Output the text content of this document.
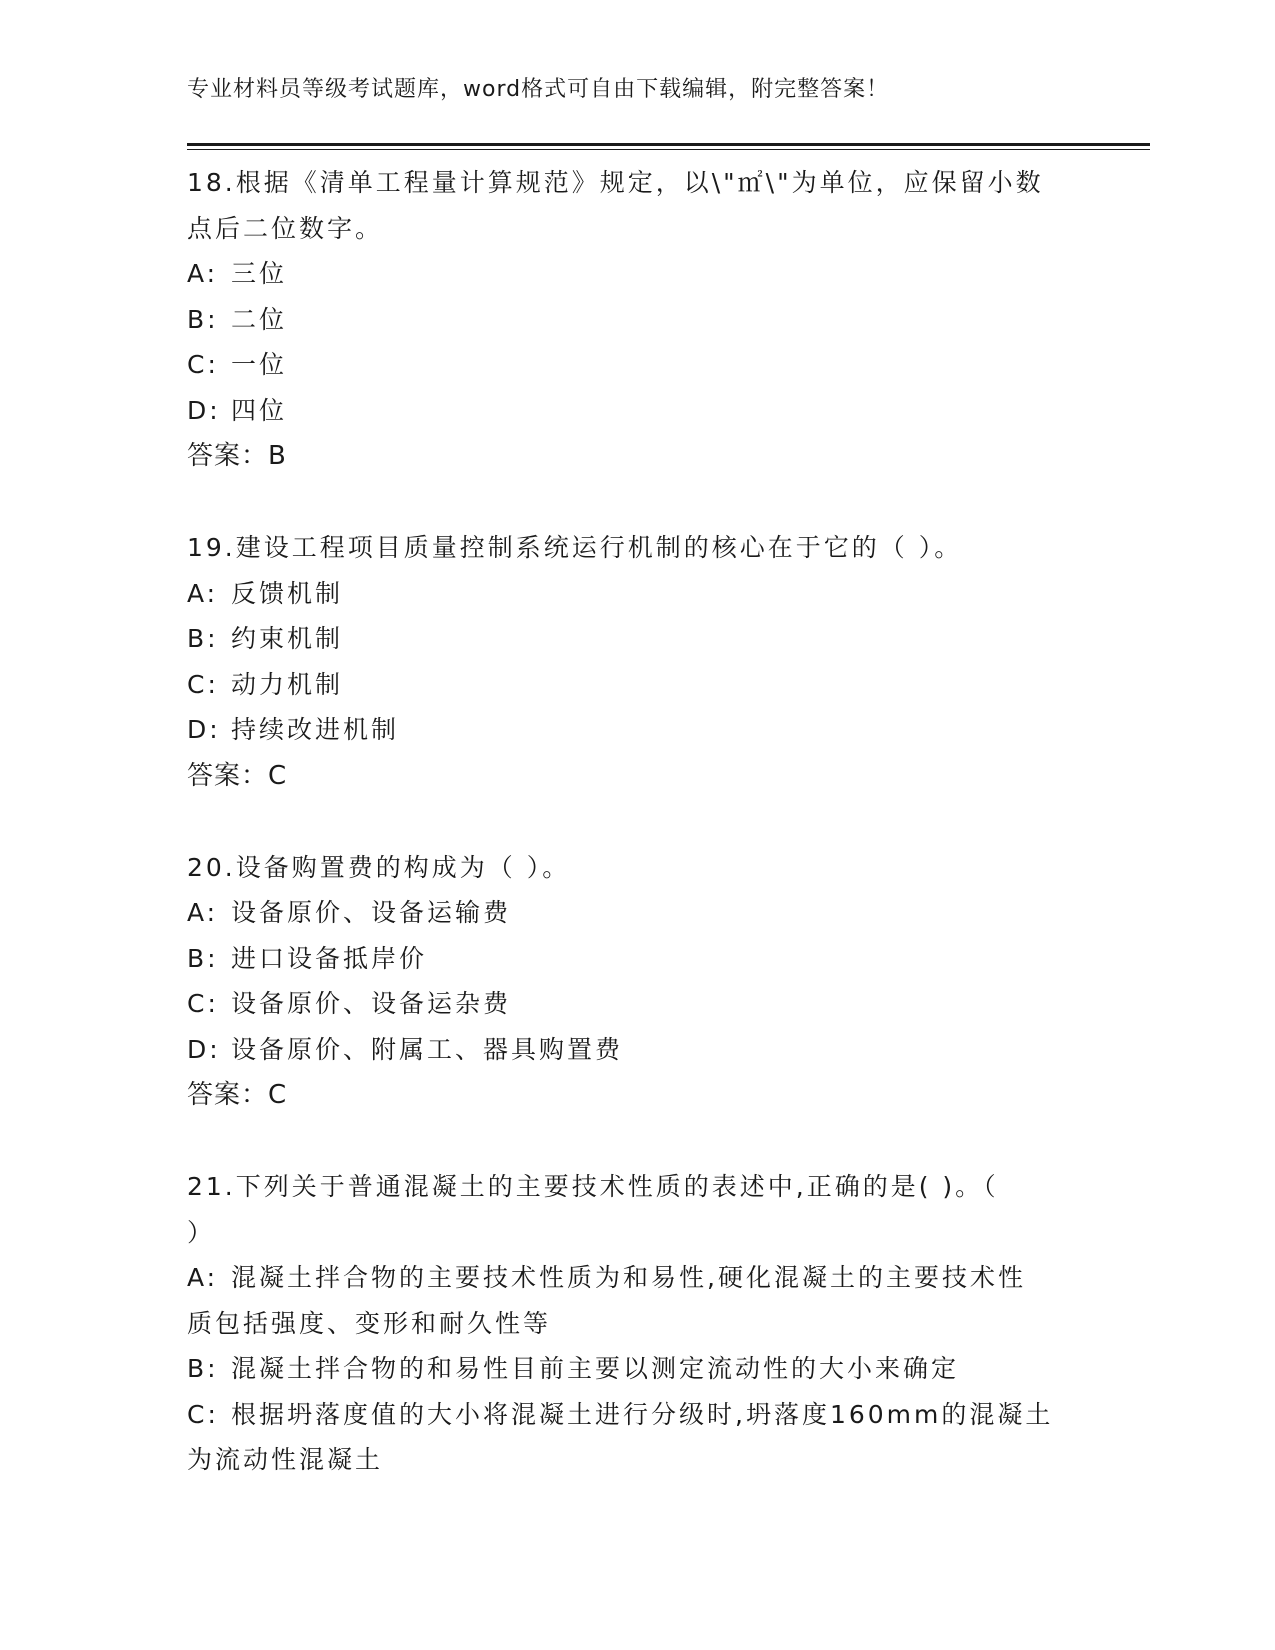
专业材料员等级考试题库，word格式可自由下载编辑，附完整答案！
18.根据《清单工程量计算规范》规定，以\"㎡\"为单位，应保留小数
点后二位数字。
A: 三位
B: 二位
C: 一位
D: 四位
答案：B
19.建设工程项目质量控制系统运行机制的核心在于它的（ ）。
A: 反馈机制
B: 约束机制
C: 动力机制
D: 持续改进机制
答案：C
20.设备购置费的构成为（ ）。
A: 设备原价、设备运输费
B: 进口设备抵岸价
C: 设备原价、设备运杂费
D: 设备原价、附属工、器具购置费
答案：C
21.下列关于普通混凝土的主要技术性质的表述中,正确的是( )。（
）
A: 混凝土拌合物的主要技术性质为和易性,硬化混凝土的主要技术性
质包括强度、变形和耐久性等
B: 混凝土拌合物的和易性目前主要以测定流动性的大小来确定
C: 根据坍落度值的大小将混凝土进行分级时,坍落度160mm的混凝土
为流动性混凝土
